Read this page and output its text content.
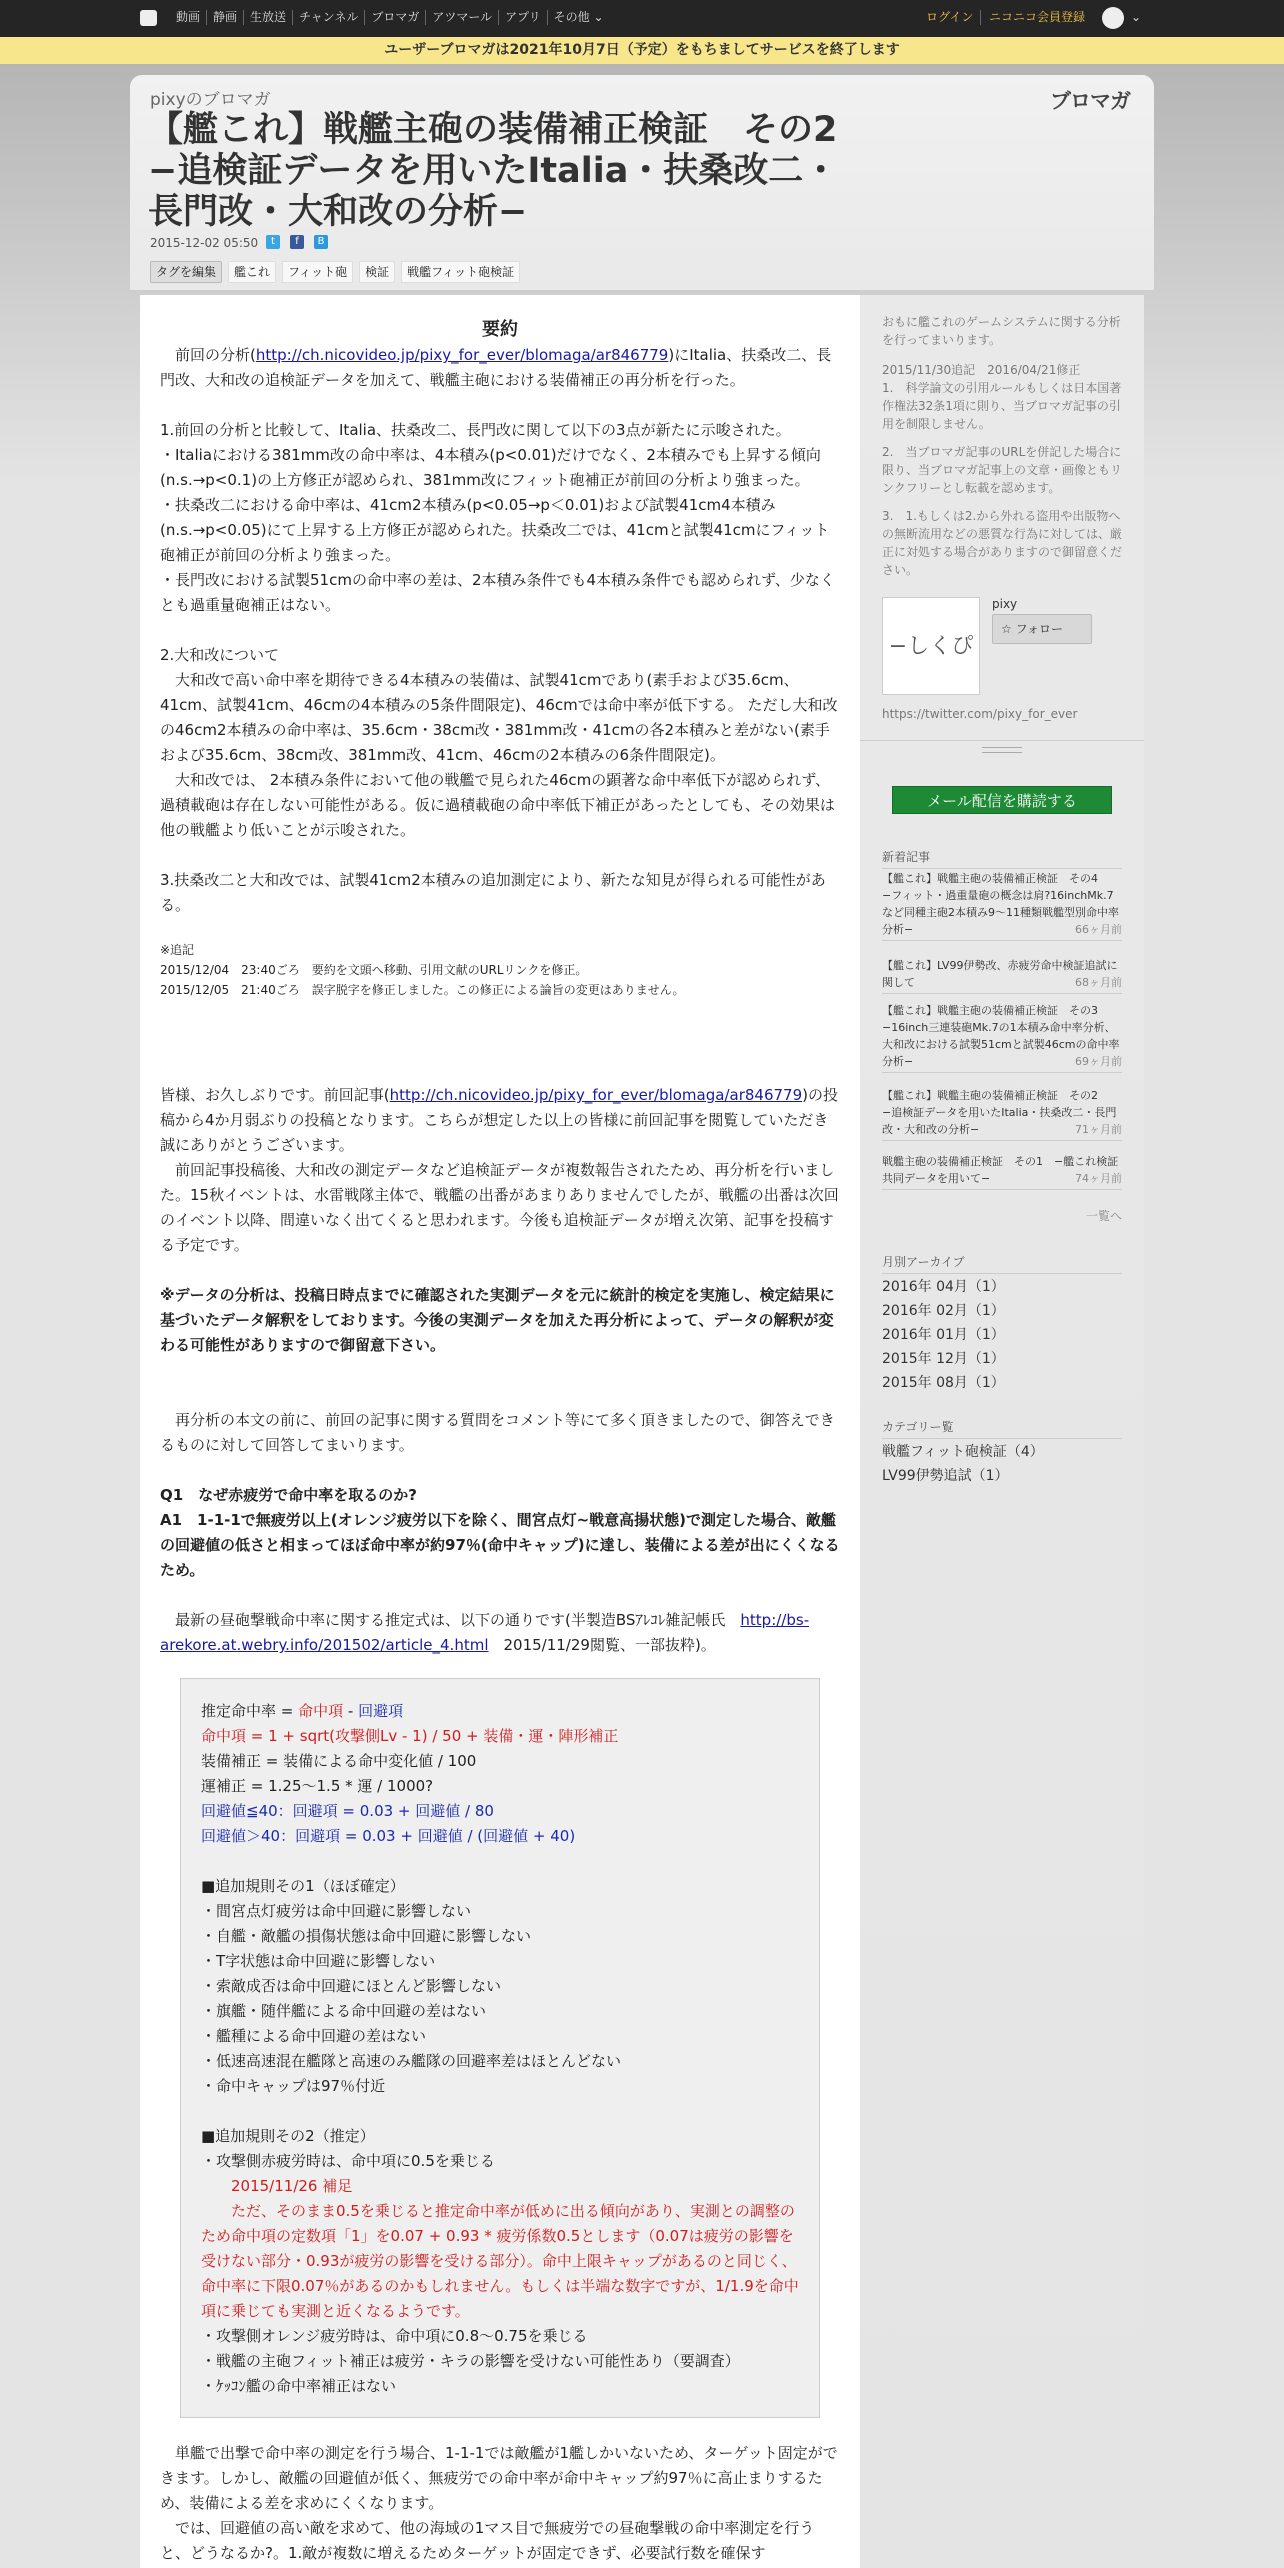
動画	静画	生放送	チャンネル	ブロマガ	アツマール	アプリ	その他 ⌄	ログイン	ニコニコ会員登録	⌄
ユーザーブロマガは2021年10月7日（予定）をもちましてサービスを終了します
pixyのブロマガ	ブロマガ
【艦これ】戦艦主砲の装備補正検証　その2　−追検証データを用いたItalia・扶桑改二・長門改・大和改の分析−
2015-12-02 05:50	t	f	B
タグを編集	艦これ	フィット砲	検証	戦艦フィット砲検証
要約

　前回の分析(http://ch.nicovideo.jp/pixy_for_ever/blomaga/ar846779)にItalia、扶桑改二、長門改、大和改の追検証データを加えて、戦艦主砲における装備補正の再分析を行った。

1.前回の分析と比較して、Italia、扶桑改二、長門改に関して以下の3点が新たに示唆された。

・Italiaにおける381mm改の命中率は、4本積み(p<0.01)だけでなく、2本積みでも上昇する傾向(n.s.→p<0.1)の上方修正が認められ、381mm改にフィット砲補正が前回の分析より強まった。

・扶桑改二における命中率は、41cm2本積み(p<0.05→p＜0.01)および試製41cm4本積み(n.s.→p<0.05)にて上昇する上方修正が認められた。扶桑改二では、41cmと試製41cmにフィット砲補正が前回の分析より強まった。

・長門改における試製51cmの命中率の差は、2本積み条件でも4本積み条件でも認められず、少なくとも過重量砲補正はない。

2.大和改について

　大和改で高い命中率を期待できる4本積みの装備は、試製41cmであり(素手および35.6cm、41cm、試製41cm、46cmの4本積みの5条件間限定)、46cmでは命中率が低下する。 ただし大和改の46cm2本積みの命中率は、35.6cm・38cm改・381mm改・41cmの各2本積みと差がない(素手および35.6cm、38cm改、381mm改、41cm、46cmの2本積みの6条件間限定)。

　大和改では、 2本積み条件において他の戦艦で見られた46cmの顕著な命中率低下が認められず、過積載砲は存在しない可能性がある。仮に過積載砲の命中率低下補正があったとしても、その効果は他の戦艦より低いことが示唆された。

3.扶桑改二と大和改では、試製41cm2本積みの追加測定により、新たな知見が得られる可能性がある。

※追記

2015/12/04　23:40ごろ　要約を文頭へ移動、引用文献のURLリンクを修正。

2015/12/05　21:40ごろ　誤字脱字を修正しました。この修正による論旨の変更はありません。

皆様、お久しぶりです。前回記事(http://ch.nicovideo.jp/pixy_for_ever/blomaga/ar846779)の投稿から4か月弱ぶりの投稿となります。こちらが想定した以上の皆様に前回記事を閲覧していただき誠にありがとうございます。

　前回記事投稿後、大和改の測定データなど追検証データが複数報告されたため、再分析を行いました。15秋イベントは、水雷戦隊主体で、戦艦の出番があまりありませんでしたが、戦艦の出番は次回のイベント以降、間違いなく出てくると思われます。今後も追検証データが増え次第、記事を投稿する予定です。

※データの分析は、投稿日時点までに確認された実測データを元に統計的検定を実施し、検定結果に基づいたデータ解釈をしております。今後の実測データを加えた再分析によって、データの解釈が変わる可能性がありますので御留意下さい。
　再分析の本文の前に、前回の記事に関する質問をコメント等にて多く頂きましたので、御答えできるものに対して回答してまいります。

Q1　なぜ赤疲労で命中率を取るのか?

A1　1-1-1で無疲労以上(オレンジ疲労以下を除く、間宮点灯~戦意高揚状態)で測定した場合、敵艦の回避値の低さと相まってほぼ命中率が約97％(命中キャップ)に達し、装備による差が出にくくなるため。

　最新の昼砲撃戦命中率に関する推定式は、以下の通りです(半製造BSｱﾚｺﾚ雑記帳氏　http://bs-arekore.at.webry.info/201502/article_4.html　2015/11/29閲覧、一部抜粋)。

推定命中率 = 命中項 - 回避項

命中項 = 1 + sqrt(攻撃側Lv - 1) / 50 + 装備・運・陣形補正

装備補正 = 装備による命中変化値 / 100

運補正 = 1.25～1.5 * 運 / 1000?

回避値≦40：回避項 = 0.03 + 回避値 / 80

回避値＞40：回避項 = 0.03 + 回避値 / (回避値 + 40)

■追加規則その1（ほぼ確定）

・間宮点灯疲労は命中回避に影響しない

・自艦・敵艦の損傷状態は命中回避に影響しない

・T字状態は命中回避に影響しない

・索敵成否は命中回避にほとんど影響しない

・旗艦・随伴艦による命中回避の差はない

・艦種による命中回避の差はない

・低速高速混在艦隊と高速のみ艦隊の回避率差はほとんどない

・命中キャップは97％付近

■追加規則その2（推定）

・攻撃側赤疲労時は、命中項に0.5を乗じる

2015/11/26 補足

ただ、そのまま0.5を乗じると推定命中率が低めに出る傾向があり、実測との調整のため命中項の定数項「1」を0.07 + 0.93 * 疲労係数0.5とします（0.07は疲労の影響を受けない部分・0.93が疲労の影響を受ける部分）。命中上限キャップがあるのと同じく、命中率に下限0.07％があるのかもしれません。もしくは半端な数字ですが、1/1.9を命中項に乗じても実測と近くなるようです。

・攻撃側オレンジ疲労時は、命中項に0.8～0.75を乗じる

・戦艦の主砲フィット補正は疲労・キラの影響を受けない可能性あり（要調査）

・ｹｯｺﾝ艦の命中率補正はない

　単艦で出撃で命中率の測定を行う場合、1-1-1では敵艦が1艦しかいないため、ターゲット固定ができます。しかし、敵艦の回避値が低く、無疲労での命中率が命中キャップ約97％に高止まりするため、装備による差を求めにくくなります。

　では、回避値の高い敵を求めて、他の海域の1マス目で無疲労での昼砲撃戦の命中率測定を行うと、どうなるか?。1.敵が複数に増えるためターゲットが固定できず、必要試行数を確保す

おもに艦これのゲームシステムに関する分析を行ってまいります。

2015/11/30追記　2016/04/21修正

1.　科学論文の引用ルールもしくは日本国著作権法32条1項に則り、当ブロマガ記事の引用を制限しません。

2.　当ブロマガ記事のURLを併記した場合に限り、当ブロマガ記事上の文章・画像ともリンクフリーとし転載を認めます。

3.　1.もしくは2.から外れる盗用や出版物への無断流用などの悪質な行為に対しては、厳正に対処する場合がありますので御留意ください。

−しくぴ
pixy
☆ フォロー
https://twitter.com/pixy_for_ever
メール配信を購読する
新着記事
【艦これ】戦艦主砲の装備補正検証　その4　−フィット・過重量砲の概念は肩?16inchMk.7など同種主砲2本積み9～11種類戦艦型別命中率分析−	66ヶ月前
【艦これ】LV99伊勢改、赤疲労命中検証追試に関して	68ヶ月前
【艦これ】戦艦主砲の装備補正検証　その3　−16inch三連装砲Mk.7の1本積み命中率分析、大和改における試製51cmと試製46cmの命中率分析−	69ヶ月前
【艦これ】戦艦主砲の装備補正検証　その2　−追検証データを用いたItalia・扶桑改二・長門改・大和改の分析−	71ヶ月前
戦艦主砲の装備補正検証　その1　−艦これ検証共同データを用いて−	74ヶ月前
一覧へ
月別アーカイブ
2016年 04月（1）
2016年 02月（1）
2016年 01月（1）
2015年 12月（1）
2015年 08月（1）
カテゴリー覧
戦艦フィット砲検証（4）
LV99伊勢追試（1）
